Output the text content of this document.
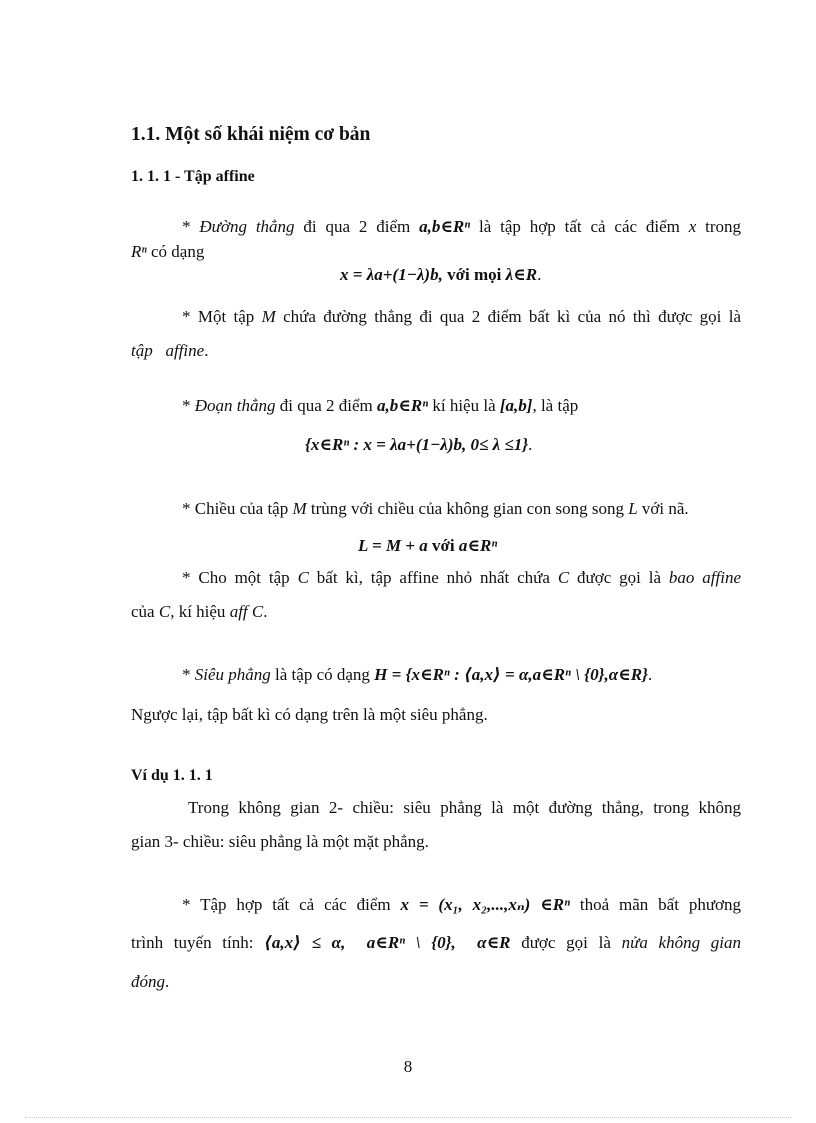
1.1. Một số khái niệm cơ bản
1. 1. 1 - Tập affine
* Đường thẳng đi qua 2 điểm a,b∈Rⁿ là tập hợp tất cả các điểm x trong
Rⁿ có dạng
x = λa+(1−λ)b, với mọi λ∈R.
* Một tập M chứa đường thẳng đi qua 2 điểm bất kì của nó thì được gọi là
tập   affine.
* Đoạn thẳng đi qua 2 điểm a,b∈Rⁿ kí hiệu là [a,b], là tập
{x∈Rⁿ : x = λa+(1−λ)b, 0≤ λ ≤1}.
* Chiều của tập M trùng với chiều của không gian con song song L với nã.
L = M + a với a∈Rⁿ
* Cho một tập C bất kì, tập affine nhỏ nhất chứa C được gọi là bao affine
của C, kí hiệu aff C.
* Siêu phẳng là tập có dạng H = {x∈Rⁿ : ⟨a,x⟩ = α,a∈Rⁿ \ {0},α∈R}.
Ngược lại, tập bất kì có dạng trên là một siêu phẳng.
Ví dụ 1. 1. 1
Trong không gian 2- chiều: siêu phẳng là một đường thẳng, trong không
gian 3- chiều: siêu phẳng là một mặt phẳng.
* Tập hợp tất cả các điểm x = (x₁, x₂,...,xₙ) ∈Rⁿ thoả mãn bất phương
trình tuyến tính: ⟨a,x⟩ ≤ α,  a∈Rⁿ \ {0},  α∈R được gọi là nửa không gian
đóng.
8
